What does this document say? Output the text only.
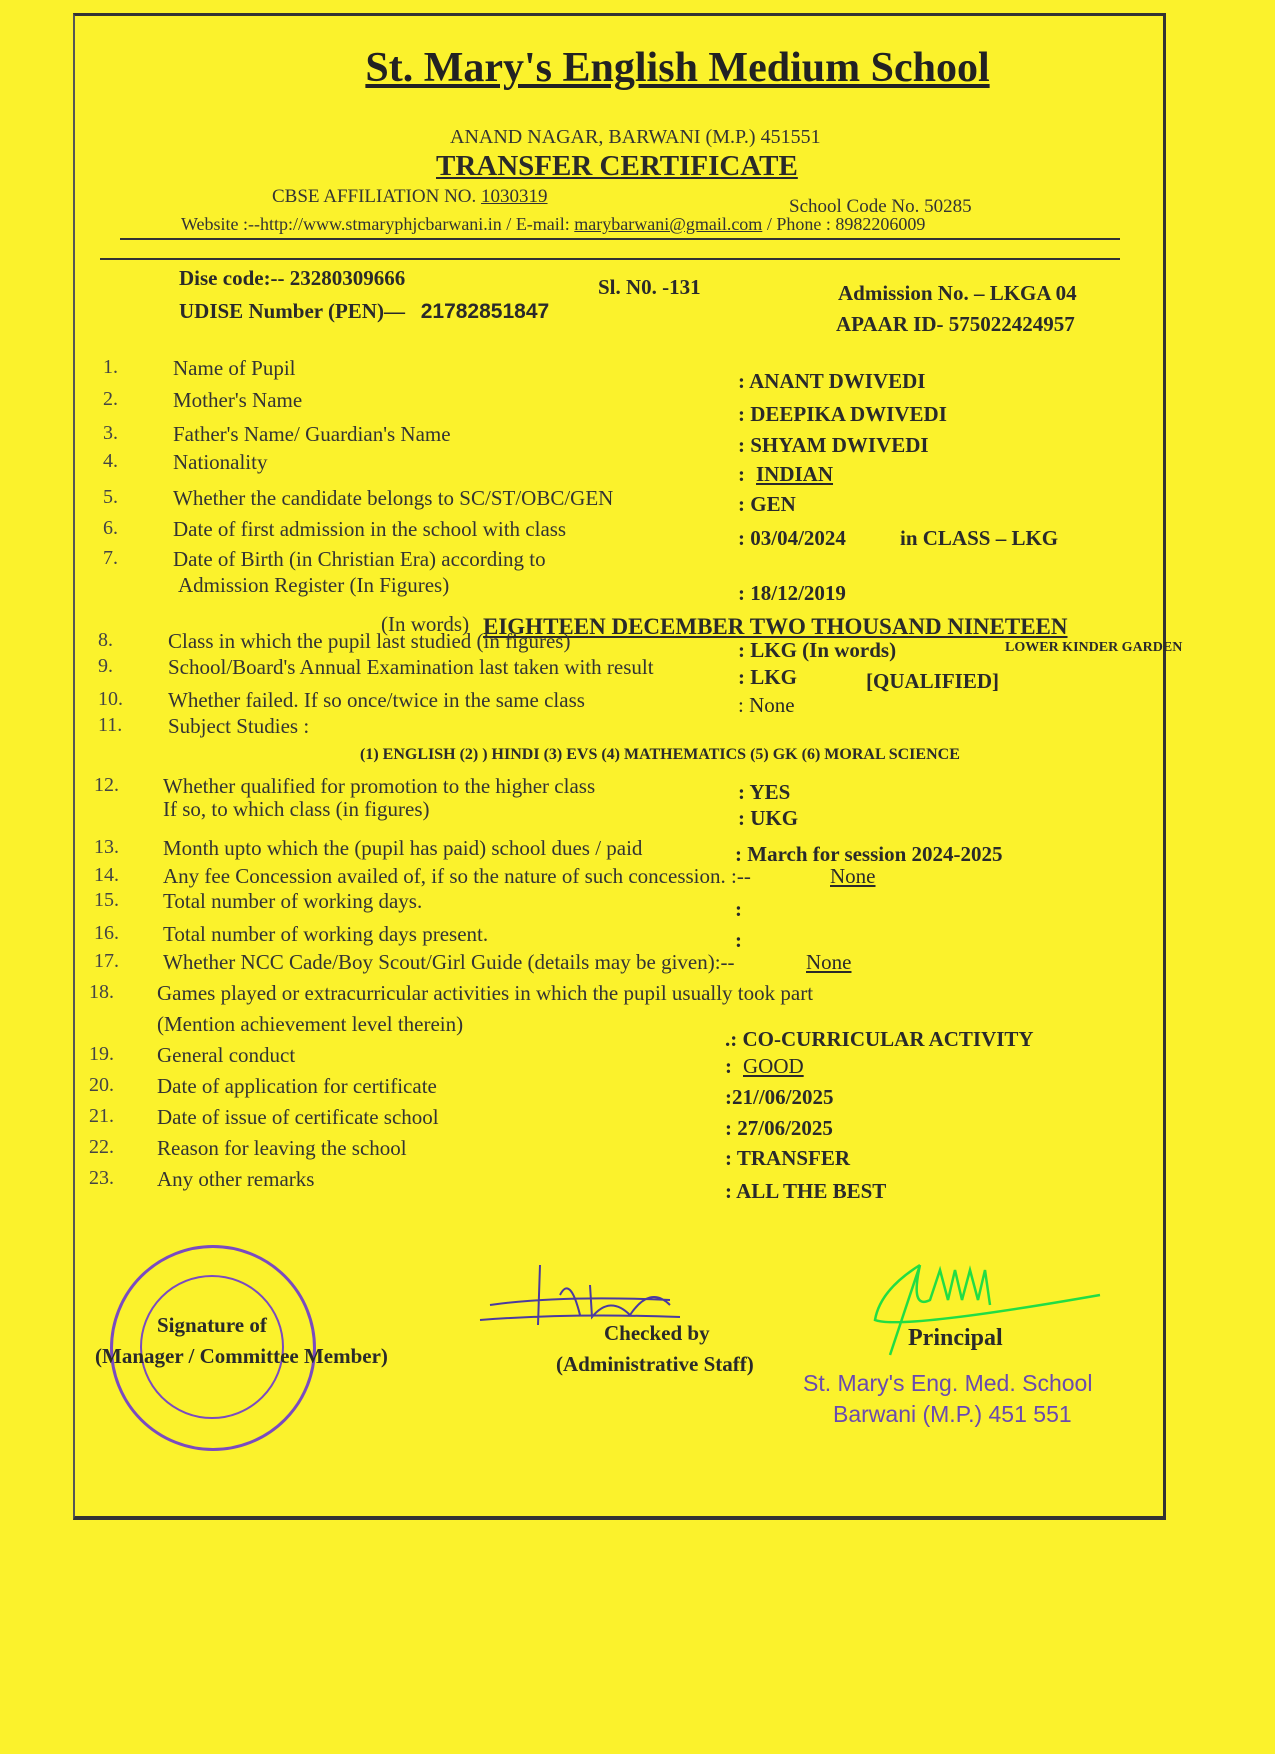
St. Mary's English Medium School
ANAND NAGAR, BARWANI (M.P.) 451551
TRANSFER CERTIFICATE
CBSE AFFILIATION NO. 1030319	School Code No. 50285
Website :--http://www.stmaryphjcbarwani.in / E-mail: marybarwani@gmail.com / Phone : 8982206009
Dise code:-- 23280309666	Sl. N0. -131
UDISE Number (PEN)— 21782851847
Admission No. – LKGA 04
APAAR ID- 575022424957
1.	Name of Pupil
: ANANT DWIVEDI
2.	Mother's Name
: DEEPIKA DWIVEDI
3.	Father's Name/ Guardian's Name	: SHYAM DWIVEDI
4.	Nationality	: INDIAN
5.	Whether the candidate belongs to SC/ST/OBC/GEN	: GEN
6.	Date of first admission in the school with class	: 03/04/2024	in CLASS – LKG
7.	Date of Birth (in Christian Era) according to
Admission Register (In Figures)	: 18/12/2019
(In words) EIGHTEEN DECEMBER TWO THOUSAND NINETEEN
8.	Class in which the pupil last studied (in figures)	: LKG (In words)	LOWER KINDER GARDEN
9.	School/Board's Annual Examination last taken with result	: LKG	[QUALIFIED]
10. Whether failed. If so once/twice in the same class	: None
11. Subject Studies :
(1) ENGLISH (2) ) HINDI (3) EVS (4) MATHEMATICS (5) GK (6) MORAL SCIENCE
12. Whether qualified for promotion to the higher class
If so, to which class (in figures)
: YES
: UKG
13. Month upto which the (pupil has paid) school dues / paid	: March for session 2024-2025
14. Any fee Concession availed of, if so the nature of such concession. :--	None
15. Total number of working days.	:
16. Total number of working days present.	:
17. Whether NCC Cade/Boy Scout/Girl Guide (details may be given):--	None
18. Games played or extracurricular activities in which the pupil usually took part
(Mention achievement level therein)
.: CO-CURRICULAR ACTIVITY
19. General conduct	: GOOD
20. Date of application for certificate	:21//06/2025
21. Date of issue of certificate school	: 27/06/2025
22. Reason for leaving the school	: TRANSFER
23. Any other remarks	: ALL THE BEST
Signature of
(Manager / Committee Member)
Checked by
(Administrative Staff)
Principal
St. Mary's Eng. Med. School
Barwani (M.P.) 451 551
